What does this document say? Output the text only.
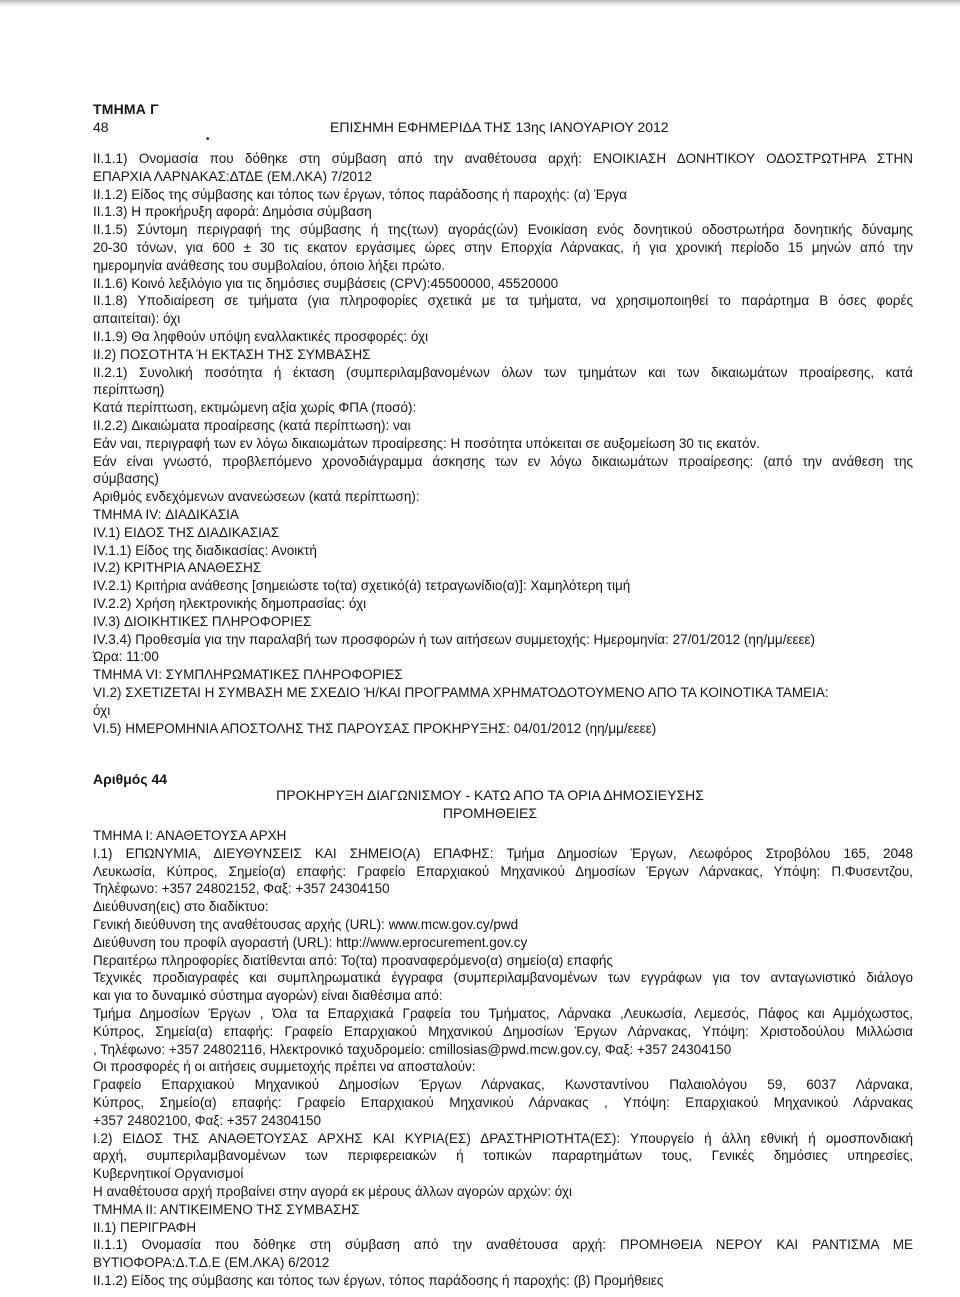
ΤΜΗΜΑ Γ
48
•
ΕΠΙΣΗΜΗ ΕΦΗΜΕΡΙΔΑ ΤΗΣ 13ης ΙΑΝΟΥΑΡΙΟΥ 2012
II.1.1) Ονομασία που δόθηκε στη σύμβαση από την αναθέτουσα αρχή: ΕΝΟΙΚΙΑΣΗ ΔΟΝΗΤΙΚΟΥ ΟΔΟΣΤΡΩΤΗΡΑ ΣΤΗΝ
ΕΠΑΡΧΙΑ ΛΑΡΝΑΚΑΣ:ΔΤΔΕ (ΕΜ.ΛΚΑ) 7/2012
II.1.2) Είδος της σύμβασης και τόπος των έργων, τόπος παράδοσης ή παροχής: (α) Έργα
II.1.3) Η προκήρυξη αφορά: Δημόσια σύμβαση
II.1.5) Σύντομη περιγραφή της σύμβασης ή της(των) αγοράς(ών) Ενοικίαση ενός δονητικού οδοστρωτήρα δονητικής δύναμης
20-30 τόνων, για 600 ± 30 τις εκατον εργάσιμες ώρες στην Επορχία Λάρνακας, ή για χρονική περίοδο 15 μηνών από την
ημερομηνία ανάθεσης του συμβολαίου, όποιο λήξει πρώτο.
II.1.6) Κοινό λεξιλόγιο για τις δημόσιες συμβάσεις (CPV):45500000, 45520000
II.1.8) Υποδιαίρεση σε τμήματα (για πληροφορίες σχετικά με τα τμήματα, να χρησιμοποιηθεί το παράρτημα Β όσες φορές
απαιτείται): όχι
II.1.9) Θα ληφθούν υπόψη εναλλακτικές προσφορές: όχι
II.2) ΠΟΣΟΤΗΤΑ Ή ΕΚΤΑΣΗ ΤΗΣ ΣΥΜΒΑΣΗΣ
II.2.1) Συνολική ποσότητα ή έκταση (συμπεριλαμβανομένων όλων των τμημάτων και των δικαιωμάτων προαίρεσης, κατά
περίπτωση)
Κατά περίπτωση, εκτιμώμενη αξία χωρίς ΦΠΑ (ποσό):
II.2.2) Δικαιώματα προαίρεσης (κατά περίπτωση): ναι
Εάν ναι, περιγραφή των εν λόγω δικαιωμάτων προαίρεσης: Η ποσότητα υπόκειται σε αυξομείωση 30 τις εκατόν.
Εάν είναι γνωστό, προβλεπόμενο χρονοδιάγραμμα άσκησης των εν λόγω δικαιωμάτων προαίρεσης: (από την ανάθεση της
σύμβασης)
Αριθμός ενδεχόμενων ανανεώσεων (κατά περίπτωση):
ΤΜΗΜΑ IV: ΔΙΑΔΙΚΑΣΙΑ
IV.1) ΕΙΔΟΣ ΤΗΣ ΔΙΑΔΙΚΑΣΙΑΣ
IV.1.1) Είδος της διαδικασίας: Ανοικτή
IV.2) ΚΡΙΤΗΡΙΑ ΑΝΑΘΕΣΗΣ
IV.2.1) Κριτήρια ανάθεσης [σημειώστε το(τα) σχετικό(ά) τετραγωνίδιο(α)]: Χαμηλότερη τιμή
IV.2.2) Χρήση ηλεκτρονικής δημοπρασίας: όχι
IV.3) ΔΙΟΙΚΗΤΙΚΕΣ ΠΛΗΡΟΦΟΡΙΕΣ
IV.3.4) Προθεσμία για την παραλαβή των προσφορών ή των αιτήσεων συμμετοχής: Ημερομηνία: 27/01/2012 (ηη/μμ/εεεε)
Ώρα: 11:00
ΤΜΗΜΑ VI: ΣΥΜΠΛΗΡΩΜΑΤΙΚΕΣ ΠΛΗΡΟΦΟΡΙΕΣ
VI.2) ΣΧΕΤΙΖΕΤΑΙ Η ΣΥΜΒΑΣΗ ΜΕ ΣΧΕΔΙΟ Ή/ΚΑΙ ΠΡΟΓΡΑΜΜΑ ΧΡΗΜΑΤΟΔΟΤΟΥΜΕΝΟ ΑΠΟ ΤΑ ΚΟΙΝΟΤΙΚΑ ΤΑΜΕΙΑ:
όχι
VI.5) ΗΜΕΡΟΜΗΝΙΑ ΑΠΟΣΤΟΛΗΣ ΤΗΣ ΠΑΡΟΥΣΑΣ ΠΡΟΚΗΡΥΞΗΣ: 04/01/2012 (ηη/μμ/εεεε)
Αριθμός 44
ΠΡΟΚΗΡΥΞΗ ΔΙΑΓΩΝΙΣΜΟΥ - ΚΑΤΩ ΑΠΟ ΤΑ ΟΡΙΑ ΔΗΜΟΣΙΕΥΣΗΣ
ΠΡΟΜΗΘΕΙΕΣ
ΤΜΗΜΑ Ι: ΑΝΑΘΕΤΟΥΣΑ ΑΡΧΗ
I.1) ΕΠΩΝΥΜΙΑ, ΔΙΕΥΘΥΝΣΕΙΣ ΚΑΙ ΣΗΜΕΙΟ(Α) ΕΠΑΦΗΣ: Τμήμα Δημοσίων Έργων, Λεωφόρος Στροβόλου 165, 2048
Λευκωσία, Κύπρος, Σημείο(α) επαφής: Γραφείο Επαρχιακού Μηχανικού Δημοσίων Έργων Λάρνακας, Υπόψη: Π.Φυσεντζου,
Τηλέφωνο: +357 24802152, Φαξ: +357 24304150
Διεύθυνση(εις) στο διαδίκτυο:
Γενική διεύθυνση της αναθέτουσας αρχής (URL): www.mcw.gov.cy/pwd
Διεύθυνση του προφίλ αγοραστή (URL): http://www.eprocurement.gov.cy
Περαιτέρω πληροφορίες διατίθενται από: Το(τα) προαναφερόμενο(α) σημείο(α) επαφής
Τεχνικές προδιαγραφές και συμπληρωματικά έγγραφα (συμπεριλαμβανομένων των εγγράφων για τον ανταγωνιστικό διάλογο
και για το δυναμικό σύστημα αγορών) είναι διαθέσιμα από:
Τμήμα Δημοσίων Έργων , Όλα τα Επαρχιακά Γραφεία του Τμήματος, Λάρνακα ,Λευκωσία, Λεμεσός, Πάφος και Αμμόχωστος,
Κύπρος, Σημεία(α) επαφής: Γραφείο Επαρχιακού Μηχανικού Δημοσίων Έργων Λάρνακας, Υπόψη: Χριστοδούλου Μιλλώσια
, Τηλέφωνο: +357 24802116, Ηλεκτρονικό ταχυδρομείο: cmillosias@pwd.mcw.gov.cy, Φαξ: +357 24304150
Οι προσφορές ή οι αιτήσεις συμμετοχής πρέπει να αποσταλούν:
Γραφείο Επαρχιακού Μηχανικού Δημοσίων Έργων Λάρνακας, Κωνσταντίνου Παλαιολόγου 59, 6037 Λάρνακα,
Κύπρος, Σημείο(α) επαφής: Γραφείο Επαρχιακού Μηχανικού Λάρνακας , Υπόψη: Επαρχιακού Μηχανικού Λάρνακας
+357 24802100, Φαξ: +357 24304150
I.2) ΕΙΔΟΣ ΤΗΣ ΑΝΑΘΕΤΟΥΣΑΣ ΑΡΧΗΣ ΚΑΙ ΚΥΡΙΑ(ΕΣ) ΔΡΑΣΤΗΡΙΟΤΗΤΑ(ΕΣ): Υπουργείο ή άλλη εθνική ή ομοσπονδιακή
αρχή, συμπεριλαμβανομένων των περιφερειακών ή τοπικών παραρτημάτων τους, Γενικές δημόσιες υπηρεσίες,
Κυβερνητικοί Οργανισμοί
Η αναθέτουσα αρχή προβαίνει στην αγορά εκ μέρους άλλων αγορών αρχών: όχι
ΤΜΗΜΑ ΙΙ: ΑΝΤΙΚΕΙΜΕΝΟ ΤΗΣ ΣΥΜΒΑΣΗΣ
II.1) ΠΕΡΙΓΡΑΦΗ
II.1.1) Ονομασία που δόθηκε στη σύμβαση από την αναθέτουσα αρχή: ΠΡΟΜΗΘΕΙΑ ΝΕΡΟΥ ΚΑΙ ΡΑΝΤΙΣΜΑ ΜΕ
ΒΥΤΙΟΦΟΡΑ:Δ.Τ.Δ.Ε (ΕΜ.ΛΚΑ) 6/2012
II.1.2) Είδος της σύμβασης και τόπος των έργων, τόπος παράδοσης ή παροχής: (β) Προμήθειες
